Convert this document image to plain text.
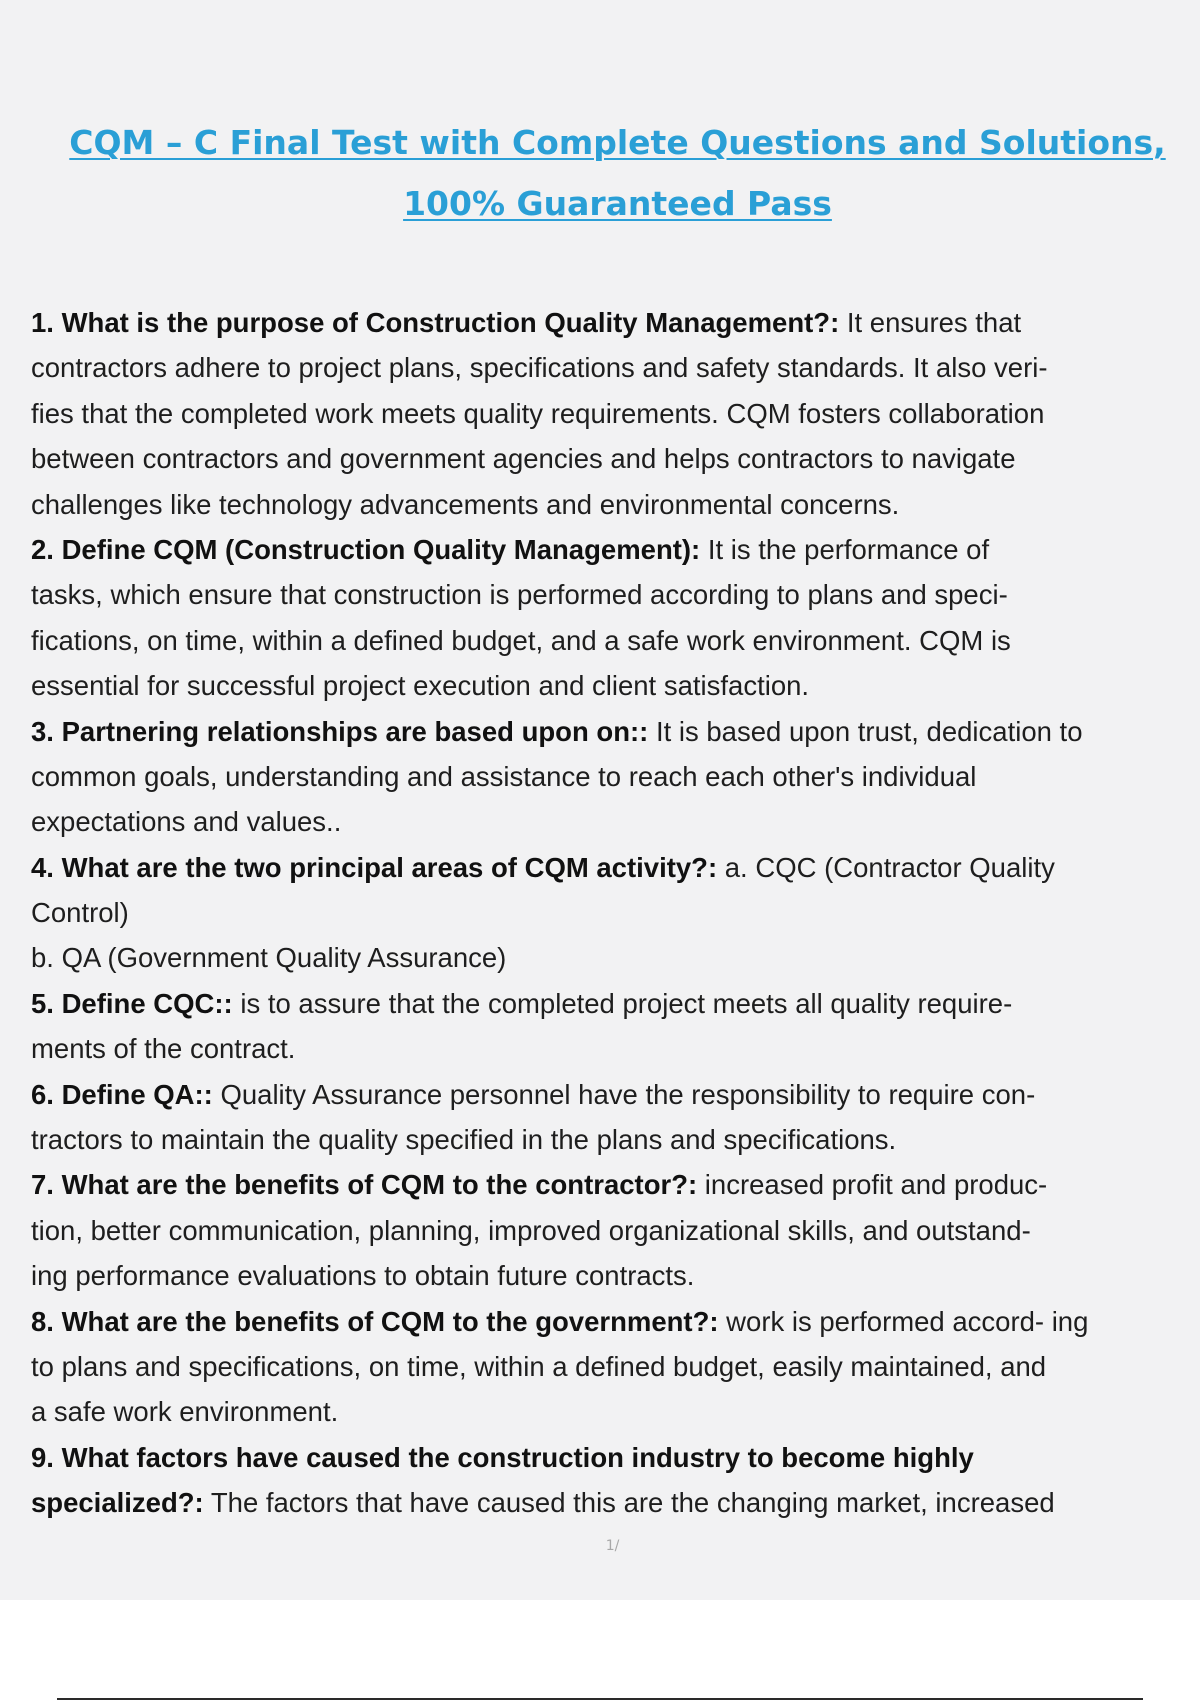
CQM – C Final Test with Complete Questions and Solutions,
100% Guaranteed Pass
1. What is the purpose of Construction Quality Management?: It ensures that
contractors adhere to project plans, specifications and safety standards. It also veri-
fies that the completed work meets quality requirements. CQM fosters collaboration
between contractors and government agencies and helps contractors to navigate
challenges like technology advancements and environmental concerns.
2. Define CQM (Construction Quality Management): It is the performance of
tasks, which ensure that construction is performed according to plans and speci-
fications, on time, within a defined budget, and a safe work environment. CQM is
essential for successful project execution and client satisfaction.
3. Partnering relationships are based upon on:: It is based upon trust, dedication to
common goals, understanding and assistance to reach each other's individual
expectations and values..
4. What are the two principal areas of CQM activity?: a. CQC (Contractor Quality
Control)
b. QA (Government Quality Assurance)
5. Define CQC:: is to assure that the completed project meets all quality require-
ments of the contract.
6. Define QA:: Quality Assurance personnel have the responsibility to require con-
tractors to maintain the quality specified in the plans and specifications.
7. What are the benefits of CQM to the contractor?: increased profit and produc-
tion, better communication, planning, improved organizational skills, and outstand-
ing performance evaluations to obtain future contracts.
8. What are the benefits of CQM to the government?: work is performed accord- ing
to plans and specifications, on time, within a defined budget, easily maintained, and
a safe work environment.
9. What factors have caused the construction industry to become highly
specialized?: The factors that have caused this are the changing market, increased
1/
